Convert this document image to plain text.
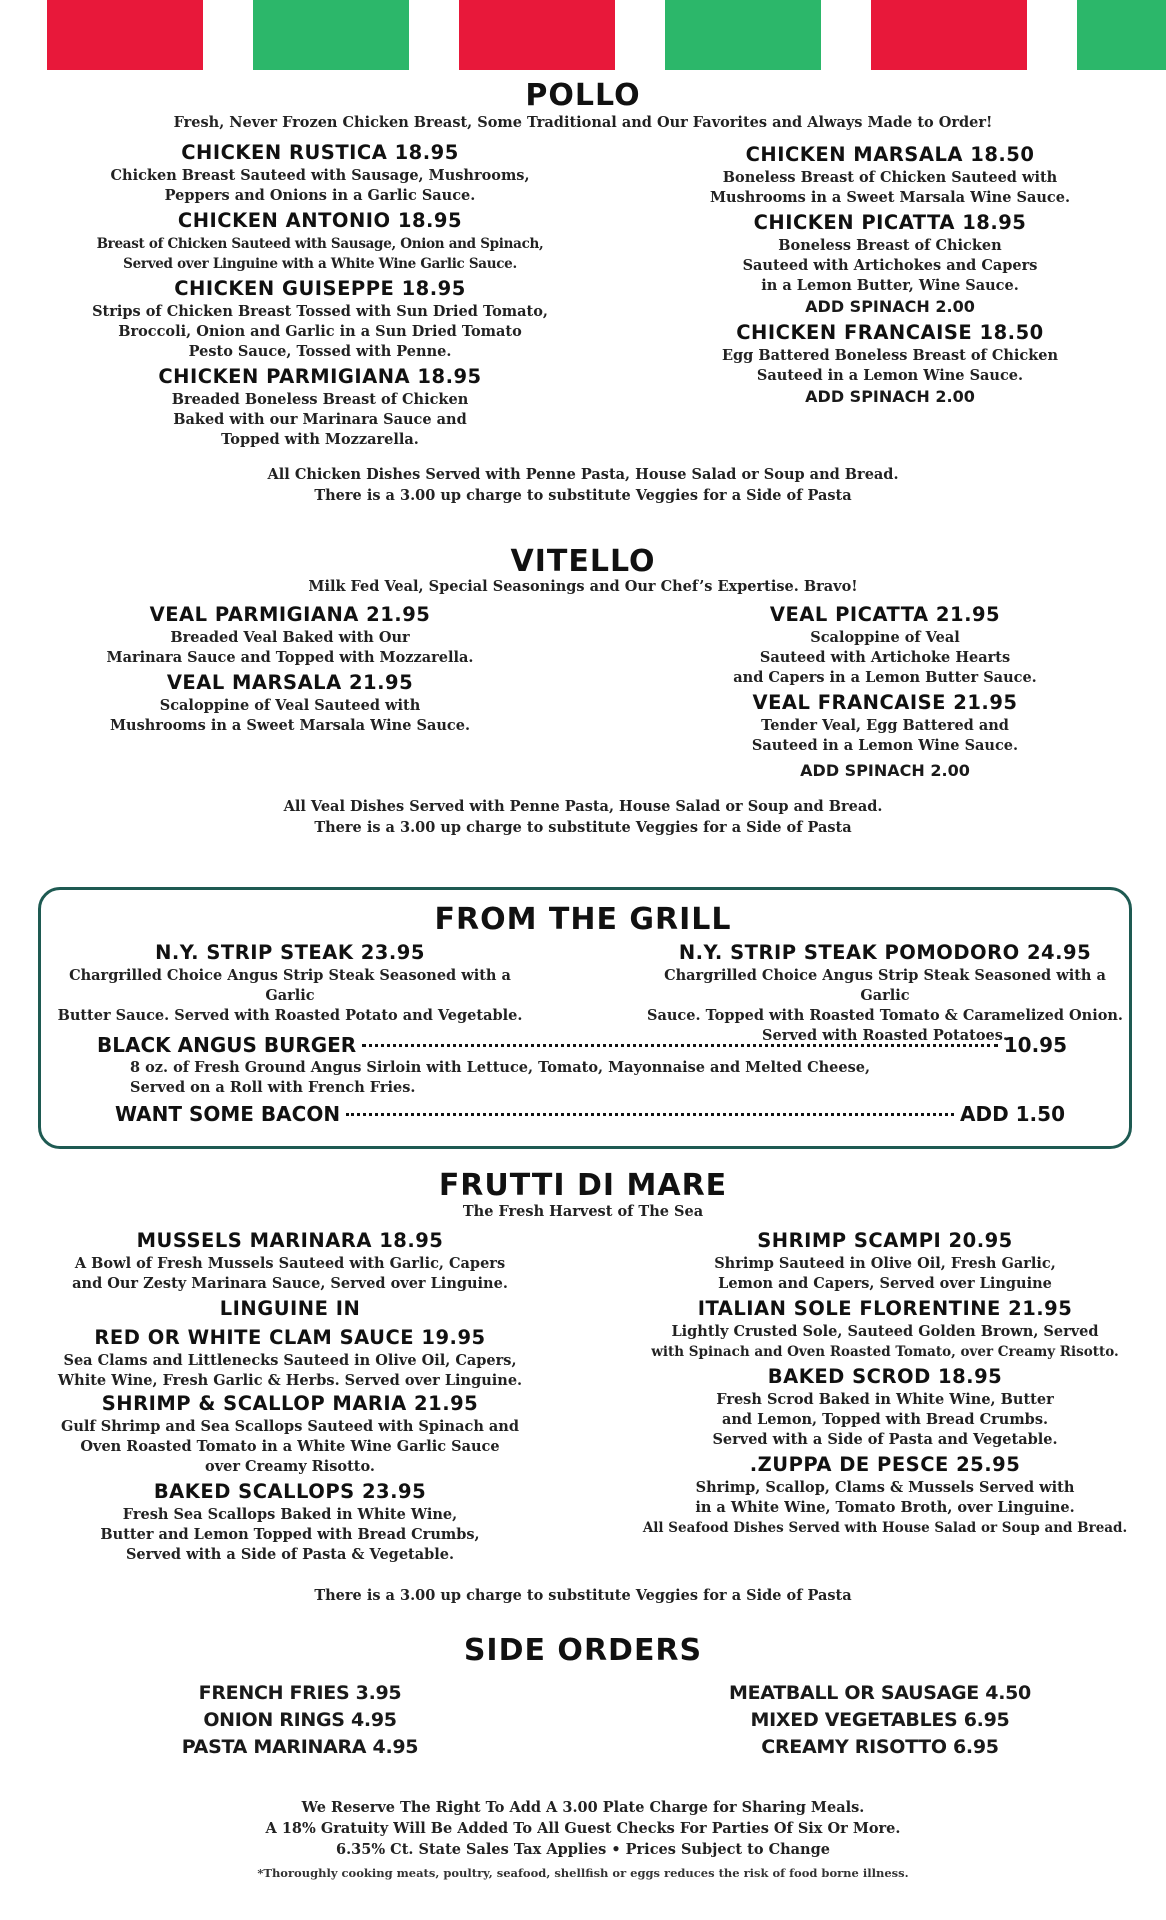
POLLO
Fresh, Never Frozen Chicken Breast, Some Traditional and Our Favorites and Always Made to Order!

CHICKEN RUSTICA 18.95

Chicken Breast Sauteed with Sausage, Mushrooms,

Peppers and Onions in a Garlic Sauce.

CHICKEN ANTONIO 18.95

Breast of Chicken Sauteed with Sausage, Onion and Spinach,

Served over Linguine with a White Wine Garlic Sauce.

CHICKEN GUISEPPE 18.95

Strips of Chicken Breast Tossed with Sun Dried Tomato,

Broccoli, Onion and Garlic in a Sun Dried Tomato

Pesto Sauce, Tossed with Penne.

CHICKEN PARMIGIANA 18.95

Breaded Boneless Breast of Chicken

Baked with our Marinara Sauce and

Topped with Mozzarella.

CHICKEN MARSALA 18.50

Boneless Breast of Chicken Sauteed with

Mushrooms in a Sweet Marsala Wine Sauce.

CHICKEN PICATTA 18.95

Boneless Breast of Chicken

Sauteed with Artichokes and Capers

in a Lemon Butter, Wine Sauce.

ADD SPINACH 2.00

CHICKEN FRANCAISE 18.50

Egg Battered Boneless Breast of Chicken

Sauteed in a Lemon Wine Sauce.

ADD SPINACH 2.00

All Chicken Dishes Served with Penne Pasta, House Salad or Soup and Bread.
There is a 3.00 up charge to substitute Veggies for a Side of Pasta
VITELLO
Milk Fed Veal, Special Seasonings and Our Chef’s Expertise. Bravo!

VEAL PARMIGIANA 21.95

Breaded Veal Baked with Our

Marinara Sauce and Topped with Mozzarella.

VEAL MARSALA 21.95

Scaloppine of Veal Sauteed with

Mushrooms in a Sweet Marsala Wine Sauce.

VEAL PICATTA 21.95

Scaloppine of Veal

Sauteed with Artichoke Hearts

and Capers in a Lemon Butter Sauce.

VEAL FRANCAISE 21.95

Tender Veal, Egg Battered and

Sauteed in a Lemon Wine Sauce.

ADD SPINACH 2.00

All Veal Dishes Served with Penne Pasta, House Salad or Soup and Bread.
There is a 3.00 up charge to substitute Veggies for a Side of Pasta
FROM THE GRILL

N.Y. STRIP STEAK 23.95

Chargrilled Choice Angus Strip Steak Seasoned with a Garlic

Butter Sauce. Served with Roasted Potato and Vegetable.

N.Y. STRIP STEAK POMODORO 24.95

Chargrilled Choice Angus Strip Steak Seasoned with a Garlic

Sauce. Topped with Roasted Tomato & Caramelized Onion.

Served with Roasted Potatoes.

BLACK ANGUS BURGER	10.95

8 oz. of Fresh Ground Angus Sirloin with Lettuce, Tomato, Mayonnaise and Melted Cheese,

Served on a Roll with French Fries.

WANT SOME BACON	ADD 1.50
FRUTTI DI MARE
The Fresh Harvest of The Sea

MUSSELS MARINARA 18.95

A Bowl of Fresh Mussels Sauteed with Garlic, Capers

and Our Zesty Marinara Sauce, Served over Linguine.

LINGUINE IN

RED OR WHITE CLAM SAUCE 19.95

Sea Clams and Littlenecks Sauteed in Olive Oil, Capers,

White Wine, Fresh Garlic & Herbs. Served over Linguine.

SHRIMP & SCALLOP MARIA 21.95

Gulf Shrimp and Sea Scallops Sauteed with Spinach and

Oven Roasted Tomato in a White Wine Garlic Sauce

over Creamy Risotto.

BAKED SCALLOPS 23.95

Fresh Sea Scallops Baked in White Wine,

Butter and Lemon Topped with Bread Crumbs,

Served with a Side of Pasta & Vegetable.

SHRIMP SCAMPI 20.95

Shrimp Sauteed in Olive Oil, Fresh Garlic,

Lemon and Capers, Served over Linguine

ITALIAN SOLE FLORENTINE 21.95

Lightly Crusted Sole, Sauteed Golden Brown, Served

with Spinach and Oven Roasted Tomato, over Creamy Risotto.

BAKED SCROD 18.95

Fresh Scrod Baked in White Wine, Butter

and Lemon, Topped with Bread Crumbs.

Served with a Side of Pasta and Vegetable.

.ZUPPA DE PESCE 25.95

Shrimp, Scallop, Clams & Mussels Served with

in a White Wine, Tomato Broth, over Linguine.

All Seafood Dishes Served with House Salad or Soup and Bread.

There is a 3.00 up charge to substitute Veggies for a Side of Pasta
SIDE ORDERS

FRENCH FRIES 3.95

ONION RINGS 4.95

PASTA MARINARA 4.95

MEATBALL OR SAUSAGE 4.50

MIXED VEGETABLES 6.95

CREAMY RISOTTO 6.95

We Reserve The Right To Add A 3.00 Plate Charge for Sharing Meals.
A 18% Gratuity Will Be Added To All Guest Checks For Parties Of Six Or More.
6.35% Ct. State Sales Tax Applies • Prices Subject to Change
*Thoroughly cooking meats, poultry, seafood, shellfish or eggs reduces the risk of food borne illness.
